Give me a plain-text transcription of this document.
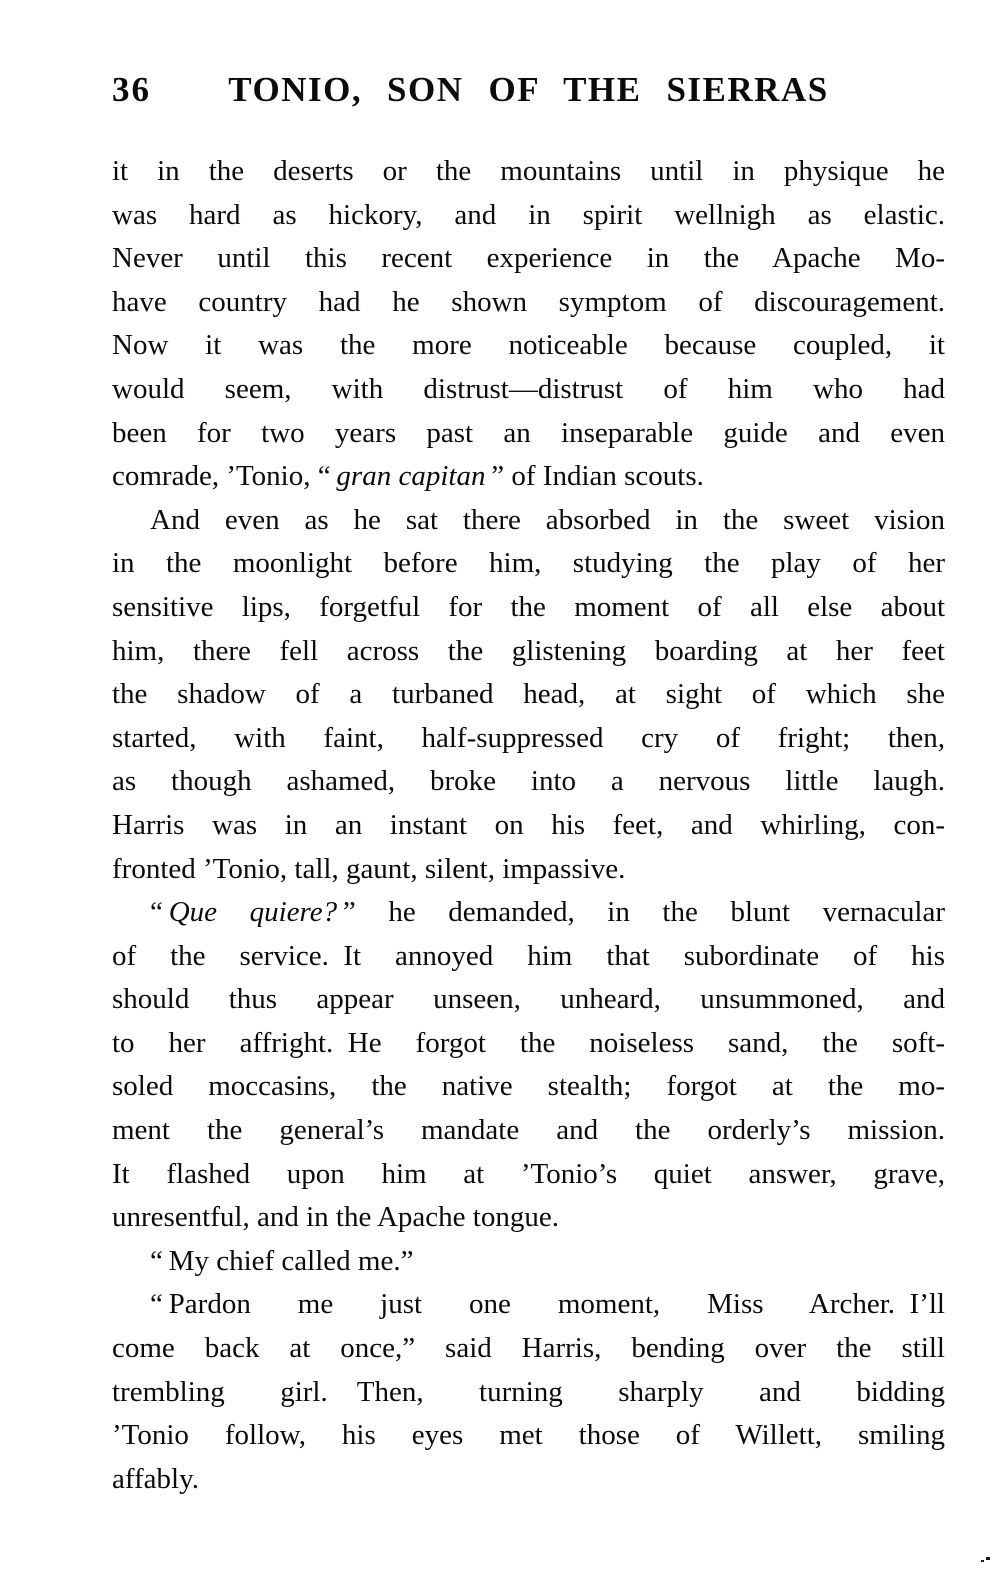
36 TONIO, SON OF THE SIERRAS
it in the deserts or the mountains until in physique he
was hard as hickory, and in spirit wellnigh as elastic.
Never until this recent experience in the Apache Mo-
have country had he shown symptom of discouragement.
Now it was the more noticeable because coupled, it
would seem, with distrust—distrust of him who had
been for two years past an inseparable guide and even
comrade, ’Tonio, “ gran capitan ” of Indian scouts.
And even as he sat there absorbed in the sweet vision
in the moonlight before him, studying the play of her
sensitive lips, forgetful for the moment of all else about
him, there fell across the glistening boarding at her feet
the shadow of a turbaned head, at sight of which she
started, with faint, half-suppressed cry of fright; then,
as though ashamed, broke into a nervous little laugh.
Harris was in an instant on his feet, and whirling, con-
fronted ’Tonio, tall, gaunt, silent, impassive.
“ Que quiere? ” he demanded, in the blunt vernacular
of the service. It annoyed him that subordinate of his
should thus appear unseen, unheard, unsummoned, and
to her affright. He forgot the noiseless sand, the soft-
soled moccasins, the native stealth; forgot at the mo-
ment the general’s mandate and the orderly’s mission.
It flashed upon him at ’Tonio’s quiet answer, grave,
unresentful, and in the Apache tongue.
“ My chief called me.”
“ Pardon me just one moment, Miss Archer. I’ll
come back at once,” said Harris, bending over the still
trembling girl. Then, turning sharply and bidding
’Tonio follow, his eyes met those of Willett, smiling
affably.
